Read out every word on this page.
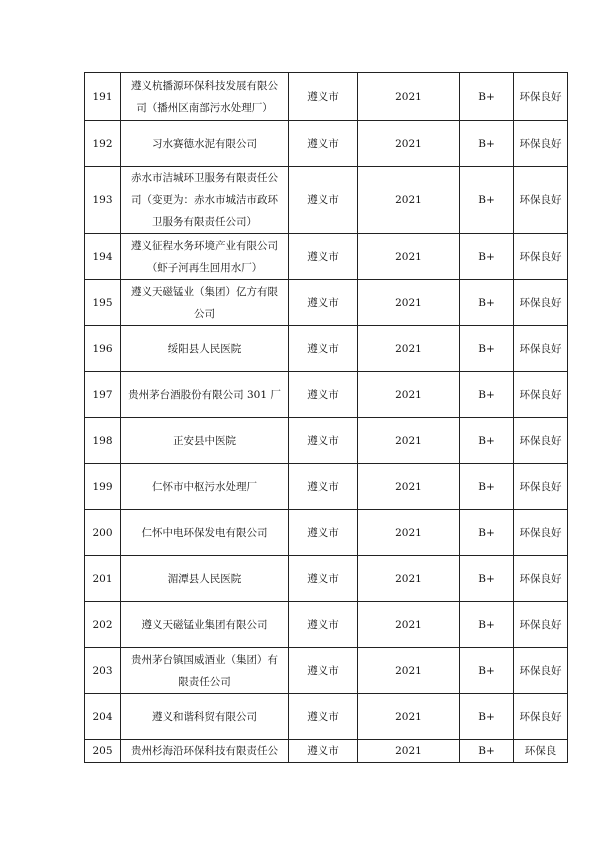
191	遵义杭播源环保科技发展有限公司（播州区南部污水处理厂）	遵义市	2021	B+	环保良好
192	习水赛德水泥有限公司	遵义市	2021	B+	环保良好
193	赤水市洁城环卫服务有限责任公司（变更为：赤水市城洁市政环卫服务有限责任公司）	遵义市	2021	B+	环保良好
194	遵义征程水务环境产业有限公司（虾子河再生回用水厂）	遵义市	2021	B+	环保良好
195	遵义天磁锰业（集团）亿方有限公司	遵义市	2021	B+	环保良好
196	绥阳县人民医院	遵义市	2021	B+	环保良好
197	贵州茅台酒股份有限公司 301 厂	遵义市	2021	B+	环保良好
198	正安县中医院	遵义市	2021	B+	环保良好
199	仁怀市中枢污水处理厂	遵义市	2021	B+	环保良好
200	仁怀中电环保发电有限公司	遵义市	2021	B+	环保良好
201	湄潭县人民医院	遵义市	2021	B+	环保良好
202	遵义天磁锰业集团有限公司	遵义市	2021	B+	环保良好
203	贵州茅台镇国威酒业（集团）有限责任公司	遵义市	2021	B+	环保良好
204	遵义和谐科贸有限公司	遵义市	2021	B+	环保良好
205	贵州杉海沿环保科技有限责任公	遵义市	2021	B+	环保良
